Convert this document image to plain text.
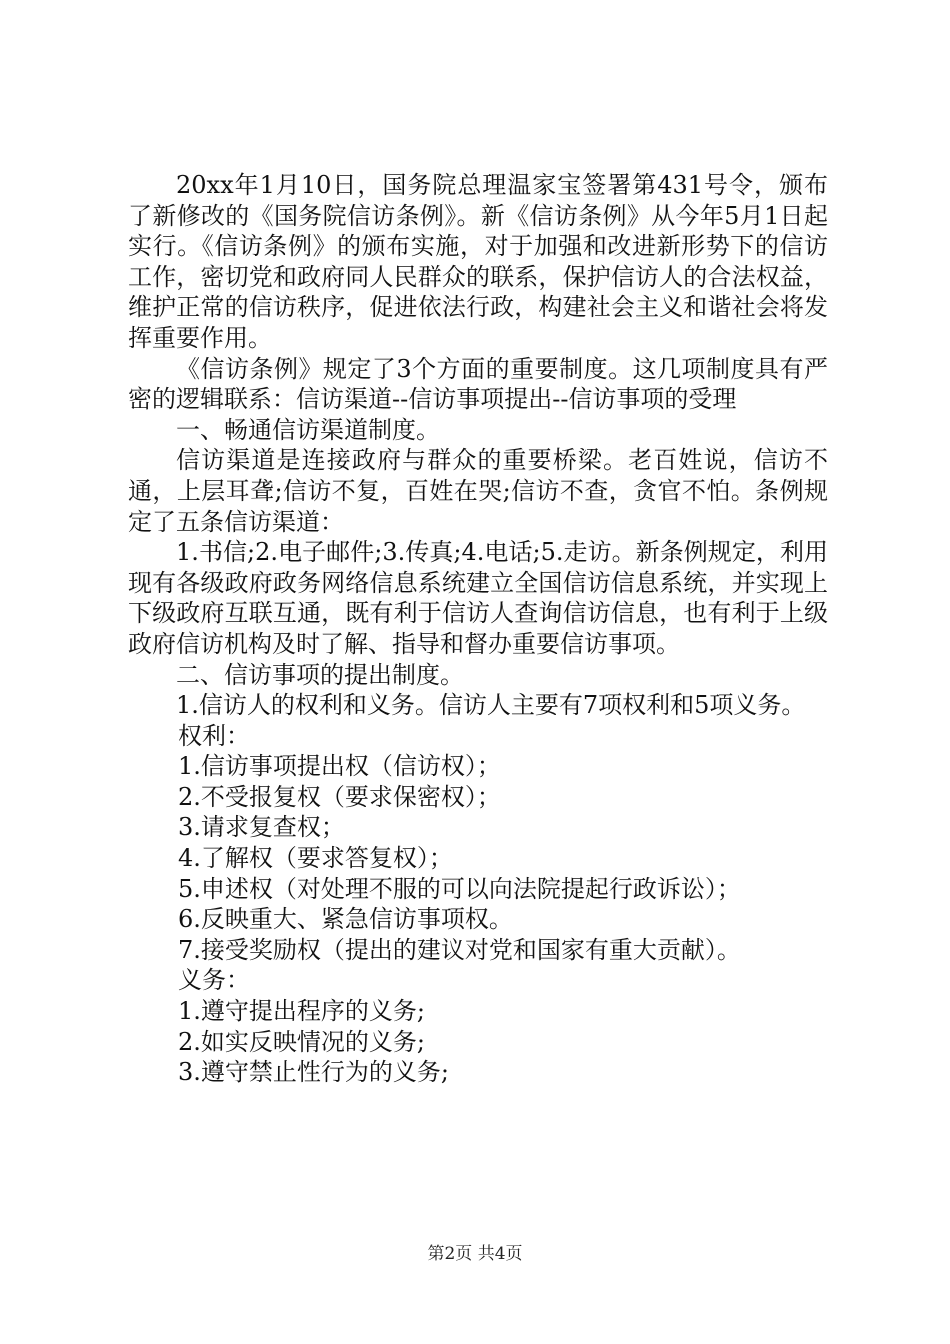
20xx年1月10日，国务院总理温家宝签署第431号令，颁布了新修改的《国务院信访条例》。新《信访条例》从今年5月1日起实行。《信访条例》的颁布实施，对于加强和改进新形势下的信访工作，密切党和政府同人民群众的联系，保护信访人的合法权益，维护正常的信访秩序，促进依法行政，构建社会主义和谐社会将发挥重要作用。

《信访条例》规定了3个方面的重要制度。这几项制度具有严密的逻辑联系：信访渠道--信访事项提出--信访事项的受理

一、畅通信访渠道制度。

信访渠道是连接政府与群众的重要桥梁。老百姓说，信访不通，上层耳聋;信访不复，百姓在哭;信访不查，贪官不怕。条例规定了五条信访渠道：

1.书信;2.电子邮件;3.传真;4.电话;5.走访。新条例规定，利用现有各级政府政务网络信息系统建立全国信访信息系统，并实现上下级政府互联互通，既有利于信访人查询信访信息，也有利于上级政府信访机构及时了解、指导和督办重要信访事项。

二、信访事项的提出制度。

1.信访人的权利和义务。信访人主要有7项权利和5项义务。

权利：

1.信访事项提出权（信访权）；

2.不受报复权（要求保密权）；

3.请求复查权；

4.了解权（要求答复权）；

5.申述权（对处理不服的可以向法院提起行政诉讼）；

6.反映重大、紧急信访事项权。

7.接受奖励权（提出的建议对党和国家有重大贡献）。

义务：

1.遵守提出程序的义务;

2.如实反映情况的义务;

3.遵守禁止性行为的义务;

第2页 共4页
